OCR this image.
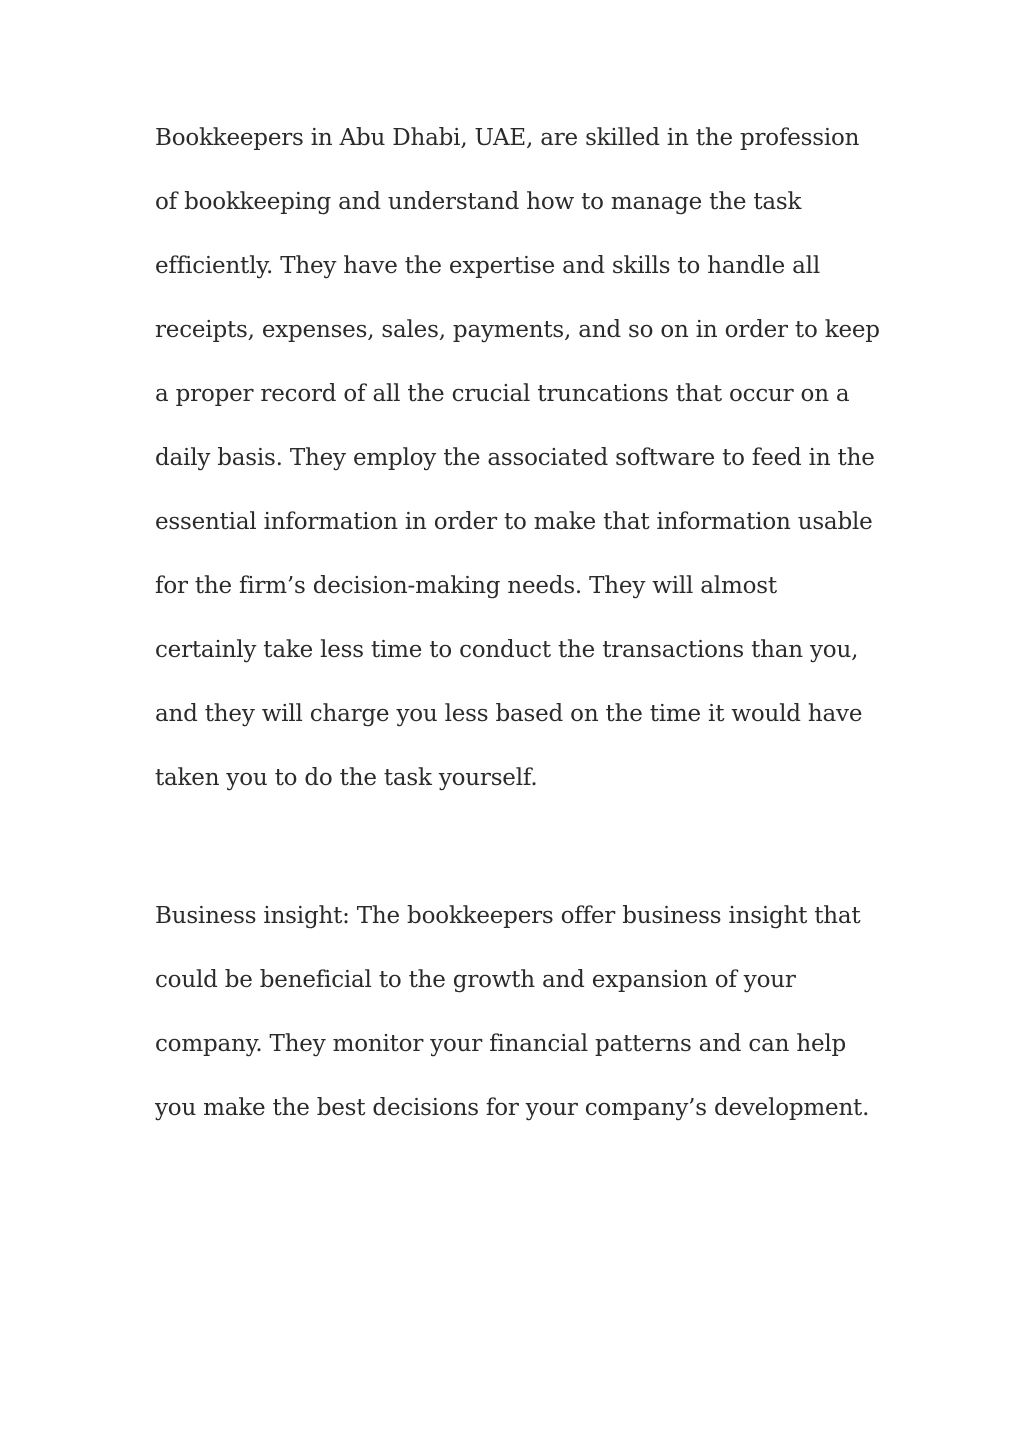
Bookkeepers in Abu Dhabi, UAE, are skilled in the profession
of bookkeeping and understand how to manage the task
efficiently. They have the expertise and skills to handle all
receipts, expenses, sales, payments, and so on in order to keep
a proper record of all the crucial truncations that occur on a
daily basis. They employ the associated software to feed in the
essential information in order to make that information usable
for the firm’s decision-making needs. They will almost
certainly take less time to conduct the transactions than you,
and they will charge you less based on the time it would have
taken you to do the task yourself.
Business insight: The bookkeepers offer business insight that
could be beneficial to the growth and expansion of your
company. They monitor your financial patterns and can help
you make the best decisions for your company’s development.
